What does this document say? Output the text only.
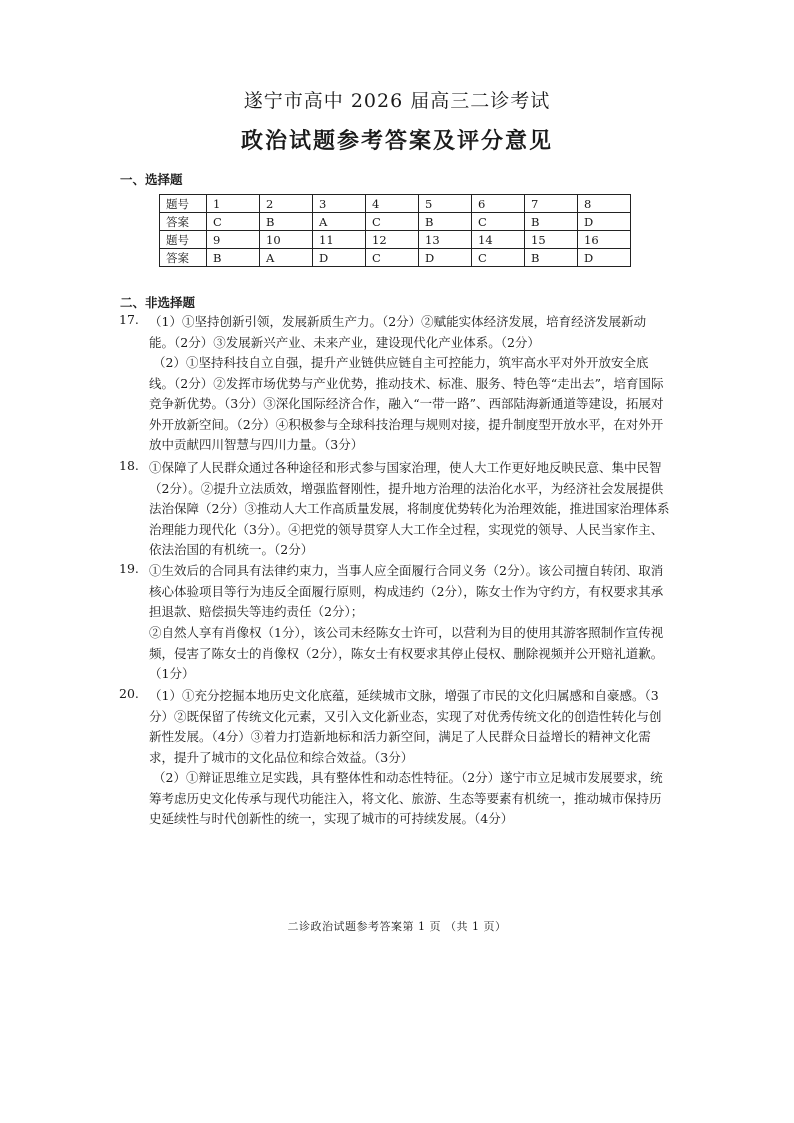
遂宁市高中 2026 届高三二诊考试
政治试题参考答案及评分意见
一、选择题
题号	1	2	3	4	5	6	7	8
答案	C	B	A	C	B	C	B	D
题号	9	10	11	12	13	14	15	16
答案	B	A	D	C	D	C	B	D
二、非选择题
17. （1）①坚持创新引领，发展新质生产力。（2分）②赋能实体经济发展，培育经济发展新动能。（2分）③发展新兴产业、未来产业，建设现代化产业体系。（2分）
（2）①坚持科技自立自强，提升产业链供应链自主可控能力，筑牢高水平对外开放安全底线。（2分）②发挥市场优势与产业优势，推动技术、标准、服务、特色等“走出去”，培育国际竞争新优势。（3分）③深化国际经济合作，融入“一带一路”、西部陆海新通道等建设，拓展对外开放新空间。（2分）④积极参与全球科技治理与规则对接，提升制度型开放水平，在对外开放中贡献四川智慧与四川力量。（3分）
18. ①保障了人民群众通过各种途径和形式参与国家治理，使人大工作更好地反映民意、集中民智（2分）。②提升立法质效，增强监督刚性，提升地方治理的法治化水平，为经济社会发展提供法治保障（2分）③推动人大工作高质量发展，将制度优势转化为治理效能，推进国家治理体系治理能力现代化（3分）。④把党的领导贯穿人大工作全过程，实现党的领导、人民当家作主、依法治国的有机统一。（2分）
19. ①生效后的合同具有法律约束力，当事人应全面履行合同义务（2分）。该公司擅自转闭、取消核心体验项目等行为违反全面履行原则，构成违约（2分），陈女士作为守约方，有权要求其承担退款、赔偿损失等违约责任（2分）；
②自然人享有肖像权（1分），该公司未经陈女士许可，以营利为目的使用其游客照制作宣传视频，侵害了陈女士的肖像权（2分），陈女士有权要求其停止侵权、删除视频并公开赔礼道歉。（1分）
20. （1）①充分挖掘本地历史文化底蕴，延续城市文脉，增强了市民的文化归属感和自豪感。（3分）②既保留了传统文化元素，又引入文化新业态，实现了对优秀传统文化的创造性转化与创新性发展。（4分）③着力打造新地标和活力新空间，满足了人民群众日益增长的精神文化需求，提升了城市的文化品位和综合效益。（3分）
（2）①辩证思维立足实践，具有整体性和动态性特征。（2分）遂宁市立足城市发展要求，统筹考虑历史文化传承与现代功能注入，将文化、旅游、生态等要素有机统一，推动城市保持历史延续性与时代创新性的统一，实现了城市的可持续发展。（4分）
二诊政治试题参考答案第 1 页 （共 1 页）
